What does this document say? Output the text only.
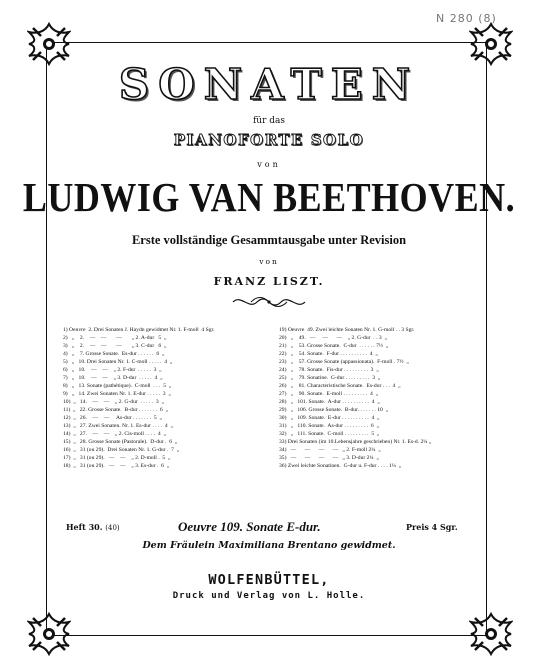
N 280 (8)
SONATEN
für das
PIANOFORTE SOLO
von
LUDWIG VAN BEETHOVEN.
Erste vollständige Gesammtausgabe unter Revision
von
FRANZ LISZT.
1) Oeuvre  2. Drei Sonaten J. Haydn gewidmet Nr. 1. F-moll  4 Sgr.
2)   „    2.    —    —       —       „ 2. A-dur   5  „
3)   „    2.    —    —       —       „ 3. C-dur   6  „
4)   „    7. Grosse Sonate.  Es-dur . . . . . .  6  „
5)   „   10. Drei Sonaten Nr. 1. C-moll . . . . .  4  „
6)   „   10.    —    —    „ 2. F-dur  . . . . .  3  „
7)   „   10.    —    —    „ 3. D-dur  . . . . .  4  „
8)   „   13. Sonate (pathétique).  C-moll  . . .  5  „
9)   „   14. Zwei Sonaten Nr. 1. E-dur . . . . .  3  „
10)  „   14.    —    —    „ 2. G-dur  . . . . .  3  „
11)  „   22. Grosse Sonate.  B-dur . . . . . . .  6  „
12)  „   26.    —    —     As-dur . . . . . . .  5  „
13)  „   27. Zwei Sonaten. Nr. 1. Es-dur . . . .  4  „
14)  „   27.    —    —    „ 2. Cis-moll . . . .  4  „
15)  „   28. Grosse Sonate (Pastorale).  D-dur .  6  „
16)  „   31 (ou 29).  Drei Sonaten Nr. 1. G-dur .  7  „
17)  „   31 (ou 29).   —    —    „ 2. D-moll .  5  „
18)  „   31 (ou 29).   —    —    „ 3. Es-dur .  6  „
19) Oeuvre  49. Zwei leichte Sonaten Nr. 1. G-moll . . 3 Sgr.
20)   „    49.   —     —      —    „ 2. G-dur  . . 3  „
21)   „    53. Grosse Sonate.  C-dur  . . . . . . 7½  „
22)   „    54. Sonate.  F-dur . . . . . . . . . .  4  „
23)   „    57. Grosse Sonate (appassionata).  F-moll . 7½  „
24)   „    78. Sonate.  Fis-dur . . . . . . . . .  3  „
25)   „    79. Sonatine.  G-dur . . . . . . . . .  3  „
26)   „    81. Characteristische Sonate.  Es-dur . . .  4  „
27)   „    90. Sonate.  E-moll . . . . . . . . .  4  „
28)   „   101. Sonate.  A-dur . . . . . . . . . .  4  „
29)   „   106. Grosse Sonate.  B-dur. . . . . . . 10  „
30)   „   109. Sonate.  E-dur . . . . . . . . . .  4  „
31)   „   110. Sonate.  As-dur . . . . . . . . .  6  „
32)   „   111. Sonate.  C-moll . . . . . . . . .  5  „
33) Drei Sonaten (im 10.Lebensjahre geschrieben) Nr. 1. Es-d. 2¼ „
34)   —      —      —      —   „ 2. F-moll 2¼  „
35)   —      —      —      —   „ 3. D-dur 2¼  „
36) Zwei leichte Sonatinen.  G-dur u. F-dur . . . . 1¼  „
Heft 30. (40)	Oeuvre 109. Sonate E-dur.	Preis 4 Sgr.
Dem Fräulein Maximiliana Brentano gewidmet.
WOLFENBÜTTEL,
Druck und Verlag von L. Holle.
